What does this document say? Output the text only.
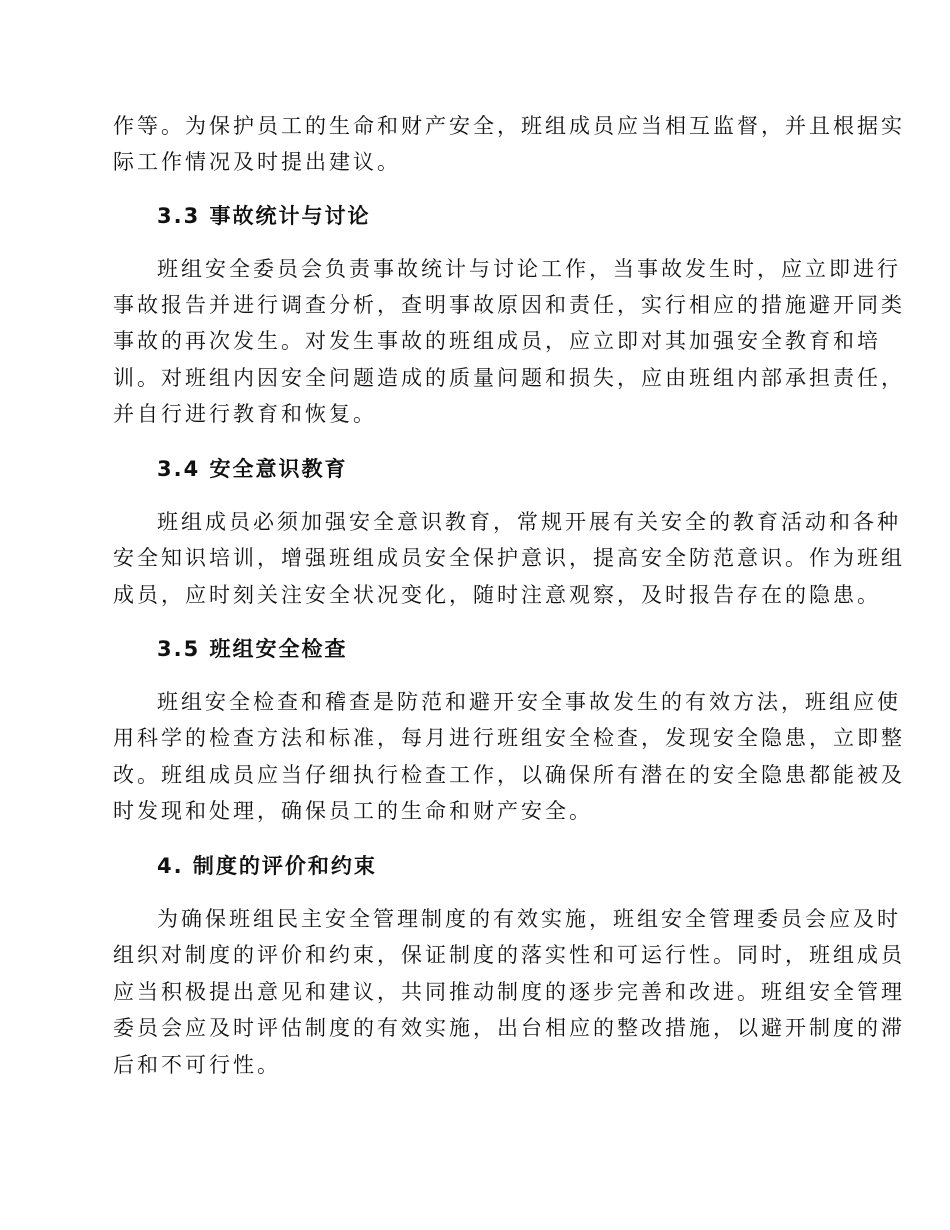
作等。为保护员工的生命和财产安全，班组成员应当相互监督，并且根据实
际工作情况及时提出建议。
3.3 事故统计与讨论
班组安全委员会负责事故统计与讨论工作，当事故发生时，应立即进行
事故报告并进行调查分析，查明事故原因和责任，实行相应的措施避开同类
事故的再次发生。对发生事故的班组成员，应立即对其加强安全教育和培
训。对班组内因安全问题造成的质量问题和损失，应由班组内部承担责任，
并自行进行教育和恢复。
3.4 安全意识教育
班组成员必须加强安全意识教育，常规开展有关安全的教育活动和各种
安全知识培训，增强班组成员安全保护意识，提高安全防范意识。作为班组
成员，应时刻关注安全状况变化，随时注意观察，及时报告存在的隐患。
3.5 班组安全检查
班组安全检查和稽查是防范和避开安全事故发生的有效方法，班组应使
用科学的检查方法和标准，每月进行班组安全检查，发现安全隐患，立即整
改。班组成员应当仔细执行检查工作，以确保所有潜在的安全隐患都能被及
时发现和处理，确保员工的生命和财产安全。
4. 制度的评价和约束
为确保班组民主安全管理制度的有效实施，班组安全管理委员会应及时
组织对制度的评价和约束，保证制度的落实性和可运行性。同时，班组成员
应当积极提出意见和建议，共同推动制度的逐步完善和改进。班组安全管理
委员会应及时评估制度的有效实施，出台相应的整改措施，以避开制度的滞
后和不可行性。
